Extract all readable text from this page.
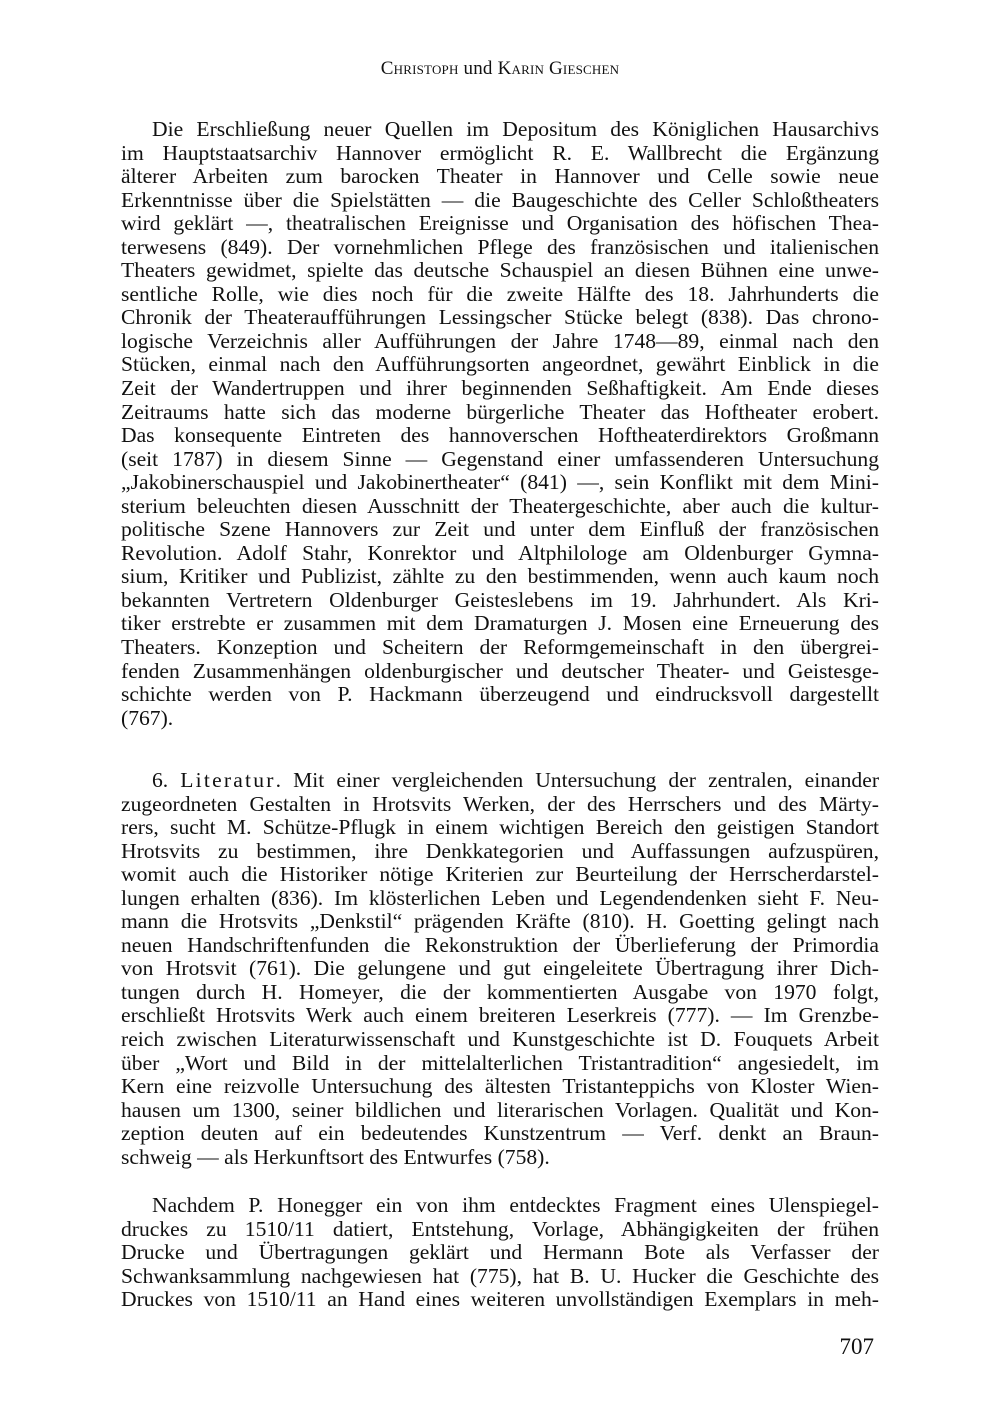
Christoph und Karin Gieschen

Die Erschließung neuer Quellen im Depositum des Königlichen Hausarchivs
im Hauptstaatsarchiv Hannover ermöglicht R. E. Wallbrecht die Ergänzung
älterer Arbeiten zum barocken Theater in Hannover und Celle sowie neue
Erkenntnisse über die Spielstätten — die Baugeschichte des Celler Schloßtheaters
wird geklärt —, theatralischen Ereignisse und Organisation des höfischen Thea-
terwesens (849). Der vornehmlichen Pflege des französischen und italienischen
Theaters gewidmet, spielte das deutsche Schauspiel an diesen Bühnen eine unwe-
sentliche Rolle, wie dies noch für die zweite Hälfte des 18. Jahrhunderts die
Chronik der Theateraufführungen Lessingscher Stücke belegt (838). Das chrono-
logische Verzeichnis aller Aufführungen der Jahre 1748—89, einmal nach den
Stücken, einmal nach den Aufführungsorten angeordnet, gewährt Einblick in die
Zeit der Wandertruppen und ihrer beginnenden Seßhaftigkeit. Am Ende dieses
Zeitraums hatte sich das moderne bürgerliche Theater das Hoftheater erobert.
Das konsequente Eintreten des hannoverschen Hoftheaterdirektors Großmann
(seit 1787) in diesem Sinne — Gegenstand einer umfassenderen Untersuchung
„Jakobinerschauspiel und Jakobinertheater“ (841) —, sein Konflikt mit dem Mini-
sterium beleuchten diesen Ausschnitt der Theatergeschichte, aber auch die kultur-
politische Szene Hannovers zur Zeit und unter dem Einfluß der französischen
Revolution. Adolf Stahr, Konrektor und Altphilologe am Oldenburger Gymna-
sium, Kritiker und Publizist, zählte zu den bestimmenden, wenn auch kaum noch
bekannten Vertretern Oldenburger Geisteslebens im 19. Jahrhundert. Als Kri-
tiker erstrebte er zusammen mit dem Dramaturgen J. Mosen eine Erneuerung des
Theaters. Konzeption und Scheitern der Reformgemeinschaft in den übergrei-
fenden Zusammenhängen oldenburgischer und deutscher Theater- und Geistesge-
schichte werden von P. Hackmann überzeugend und eindrucksvoll dargestellt
(767).

6. Literatur. Mit einer vergleichenden Untersuchung der zentralen, einander
zugeordneten Gestalten in Hrotsvits Werken, der des Herrschers und des Märty-
rers, sucht M. Schütze-Pflugk in einem wichtigen Bereich den geistigen Standort
Hrotsvits zu bestimmen, ihre Denkkategorien und Auffassungen aufzuspüren,
womit auch die Historiker nötige Kriterien zur Beurteilung der Herrscherdarstel-
lungen erhalten (836). Im klösterlichen Leben und Legendendenken sieht F. Neu-
mann die Hrotsvits „Denkstil“ prägenden Kräfte (810). H. Goetting gelingt nach
neuen Handschriftenfunden die Rekonstruktion der Überlieferung der Primordia
von Hrotsvit (761). Die gelungene und gut eingeleitete Übertragung ihrer Dich-
tungen durch H. Homeyer, die der kommentierten Ausgabe von 1970 folgt,
erschließt Hrotsvits Werk auch einem breiteren Leserkreis (777). — Im Grenzbe-
reich zwischen Literaturwissenschaft und Kunstgeschichte ist D. Fouquets Arbeit
über „Wort und Bild in der mittelalterlichen Tristantradition“ angesiedelt, im
Kern eine reizvolle Untersuchung des ältesten Tristanteppichs von Kloster Wien-
hausen um 1300, seiner bildlichen und literarischen Vorlagen. Qualität und Kon-
zeption deuten auf ein bedeutendes Kunstzentrum — Verf. denkt an Braun-
schweig — als Herkunftsort des Entwurfes (758).

Nachdem P. Honegger ein von ihm entdecktes Fragment eines Ulenspiegel-
druckes zu 1510/11 datiert, Entstehung, Vorlage, Abhängigkeiten der frühen
Drucke und Übertragungen geklärt und Hermann Bote als Verfasser der
Schwanksammlung nachgewiesen hat (775), hat B. U. Hucker die Geschichte des
Druckes von 1510/11 an Hand eines weiteren unvollständigen Exemplars in meh-

707
